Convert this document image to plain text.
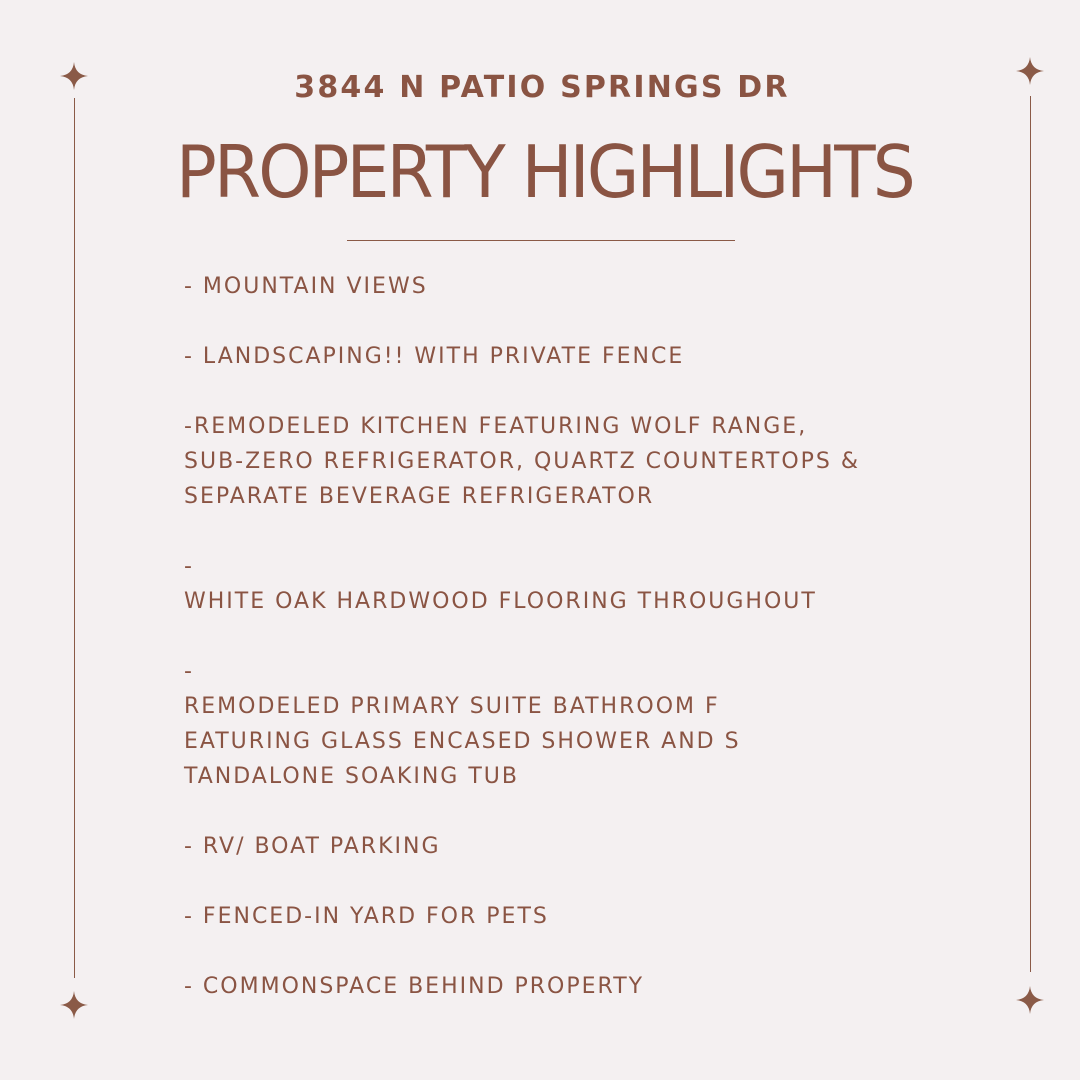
3844 N PATIO SPRINGS DR
PROPERTY HIGHLIGHTS
- MOUNTAIN VIEWS
- LANDSCAPING!! WITH PRIVATE FENCE
-REMODELED KITCHEN FEATURING WOLF RANGE,
SUB-ZERO REFRIGERATOR, QUARTZ COUNTERTOPS &
SEPARATE BEVERAGE REFRIGERATOR
-
WHITE OAK HARDWOOD FLOORING THROUGHOUT
-
REMODELED PRIMARY SUITE BATHROOM F
EATURING GLASS ENCASED SHOWER AND S
TANDALONE SOAKING TUB
- RV/ BOAT PARKING
- FENCED-IN YARD FOR PETS
- COMMONSPACE BEHIND PROPERTY
